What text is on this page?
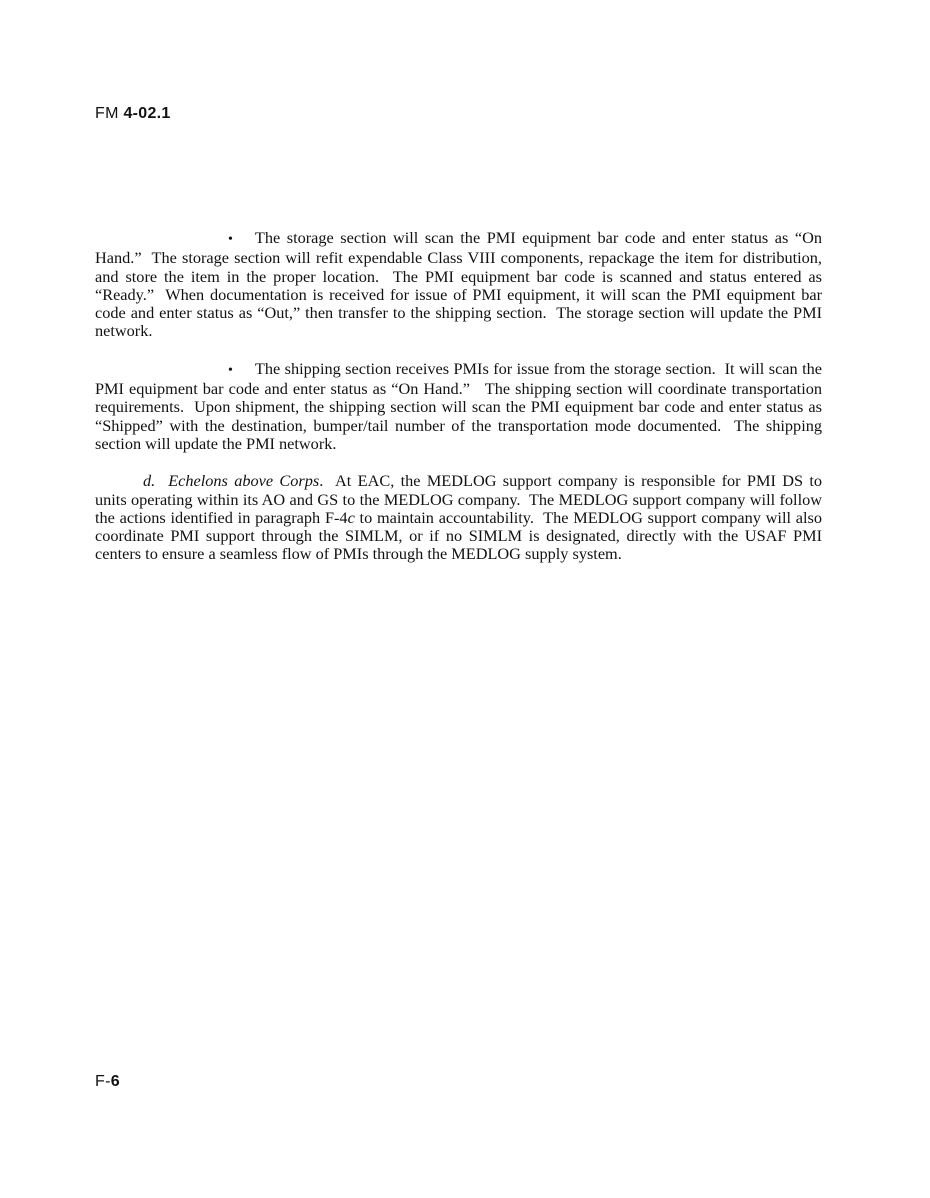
FM 4-02.1

• The storage section will scan the PMI equipment bar code and enter status as “On Hand.”  The storage section will refit expendable Class VIII components, repackage the item for distribution, and store the item in the proper location.  The PMI equipment bar code is scanned and status entered as “Ready.”  When documentation is received for issue of PMI equipment, it will scan the PMI equipment bar code and enter status as “Out,” then transfer to the shipping section.  The storage section will update the PMI network.

• The shipping section receives PMIs for issue from the storage section.  It will scan the PMI equipment bar code and enter status as “On Hand.”   The shipping section will coordinate transportation requirements.  Upon shipment, the shipping section will scan the PMI equipment bar code and enter status as “Shipped” with the destination, bumper/tail number of the transportation mode documented.  The shipping section will update the PMI network.

d. Echelons above Corps.  At EAC, the MEDLOG support company is responsible for PMI DS to units operating within its AO and GS to the MEDLOG company.  The MEDLOG support company will follow the actions identified in paragraph F-4c to maintain accountability.  The MEDLOG support company will also coordinate PMI support through the SIMLM, or if no SIMLM is designated, directly with the USAF PMI centers to ensure a seamless flow of PMIs through the MEDLOG supply system.

F-6
